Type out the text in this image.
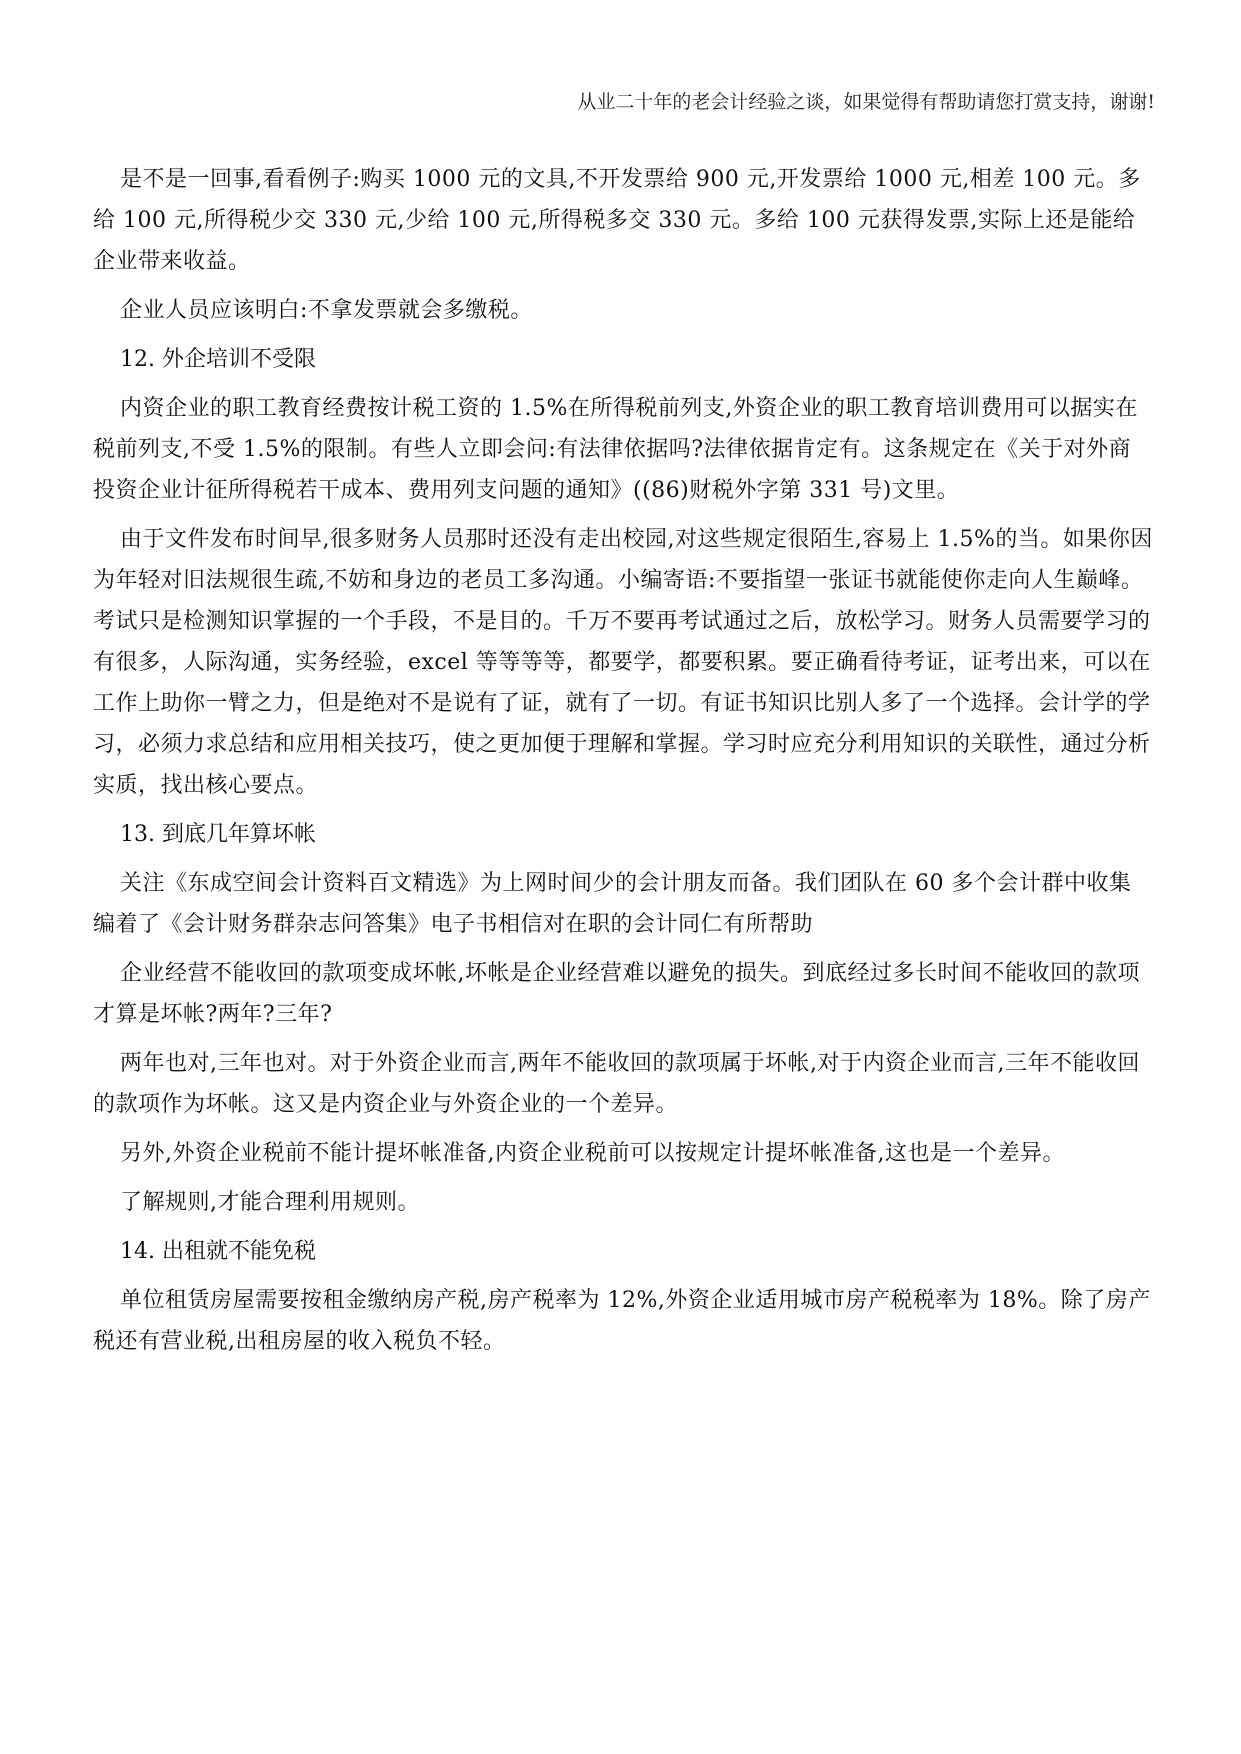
从业二十年的老会计经验之谈，如果觉得有帮助请您打赏支持，谢谢!

是不是一回事,看看例子:购买 1000 元的文具,不开发票给 900 元,开发票给 1000 元,相差 100 元。多给 100 元,所得税少交 330 元,少给 100 元,所得税多交 330 元。多给 100 元获得发票,实际上还是能给企业带来收益。

企业人员应该明白:不拿发票就会多缴税。

12. 外企培训不受限

内资企业的职工教育经费按计税工资的 1.5%在所得税前列支,外资企业的职工教育培训费用可以据实在税前列支,不受 1.5%的限制。有些人立即会问:有法律依据吗?法律依据肯定有。这条规定在《关于对外商投资企业计征所得税若干成本、费用列支问题的通知》((86)财税外字第 331 号)文里。

由于文件发布时间早,很多财务人员那时还没有走出校园,对这些规定很陌生,容易上 1.5%的当。如果你因为年轻对旧法规很生疏,不妨和身边的老员工多沟通。小编寄语:不要指望一张证书就能使你走向人生巅峰。考试只是检测知识掌握的一个手段，不是目的。千万不要再考试通过之后，放松学习。财务人员需要学习的有很多，人际沟通，实务经验，excel 等等等等，都要学，都要积累。要正确看待考证，证考出来，可以在工作上助你一臂之力，但是绝对不是说有了证，就有了一切。有证书知识比别人多了一个选择。会计学的学习，必须力求总结和应用相关技巧，使之更加便于理解和掌握。学习时应充分利用知识的关联性，通过分析实质，找出核心要点。

13. 到底几年算坏帐

关注《东成空间会计资料百文精选》为上网时间少的会计朋友而备。我们团队在 60 多个会计群中收集编着了《会计财务群杂志问答集》电子书相信对在职的会计同仁有所帮助

企业经营不能收回的款项变成坏帐,坏帐是企业经营难以避免的损失。到底经过多长时间不能收回的款项才算是坏帐?两年?三年?

两年也对,三年也对。对于外资企业而言,两年不能收回的款项属于坏帐,对于内资企业而言,三年不能收回的款项作为坏帐。这又是内资企业与外资企业的一个差异。

另外,外资企业税前不能计提坏帐准备,内资企业税前可以按规定计提坏帐准备,这也是一个差异。

了解规则,才能合理利用规则。

14. 出租就不能免税

单位租赁房屋需要按租金缴纳房产税,房产税率为 12%,外资企业适用城市房产税税率为 18%。除了房产税还有营业税,出租房屋的收入税负不轻。
